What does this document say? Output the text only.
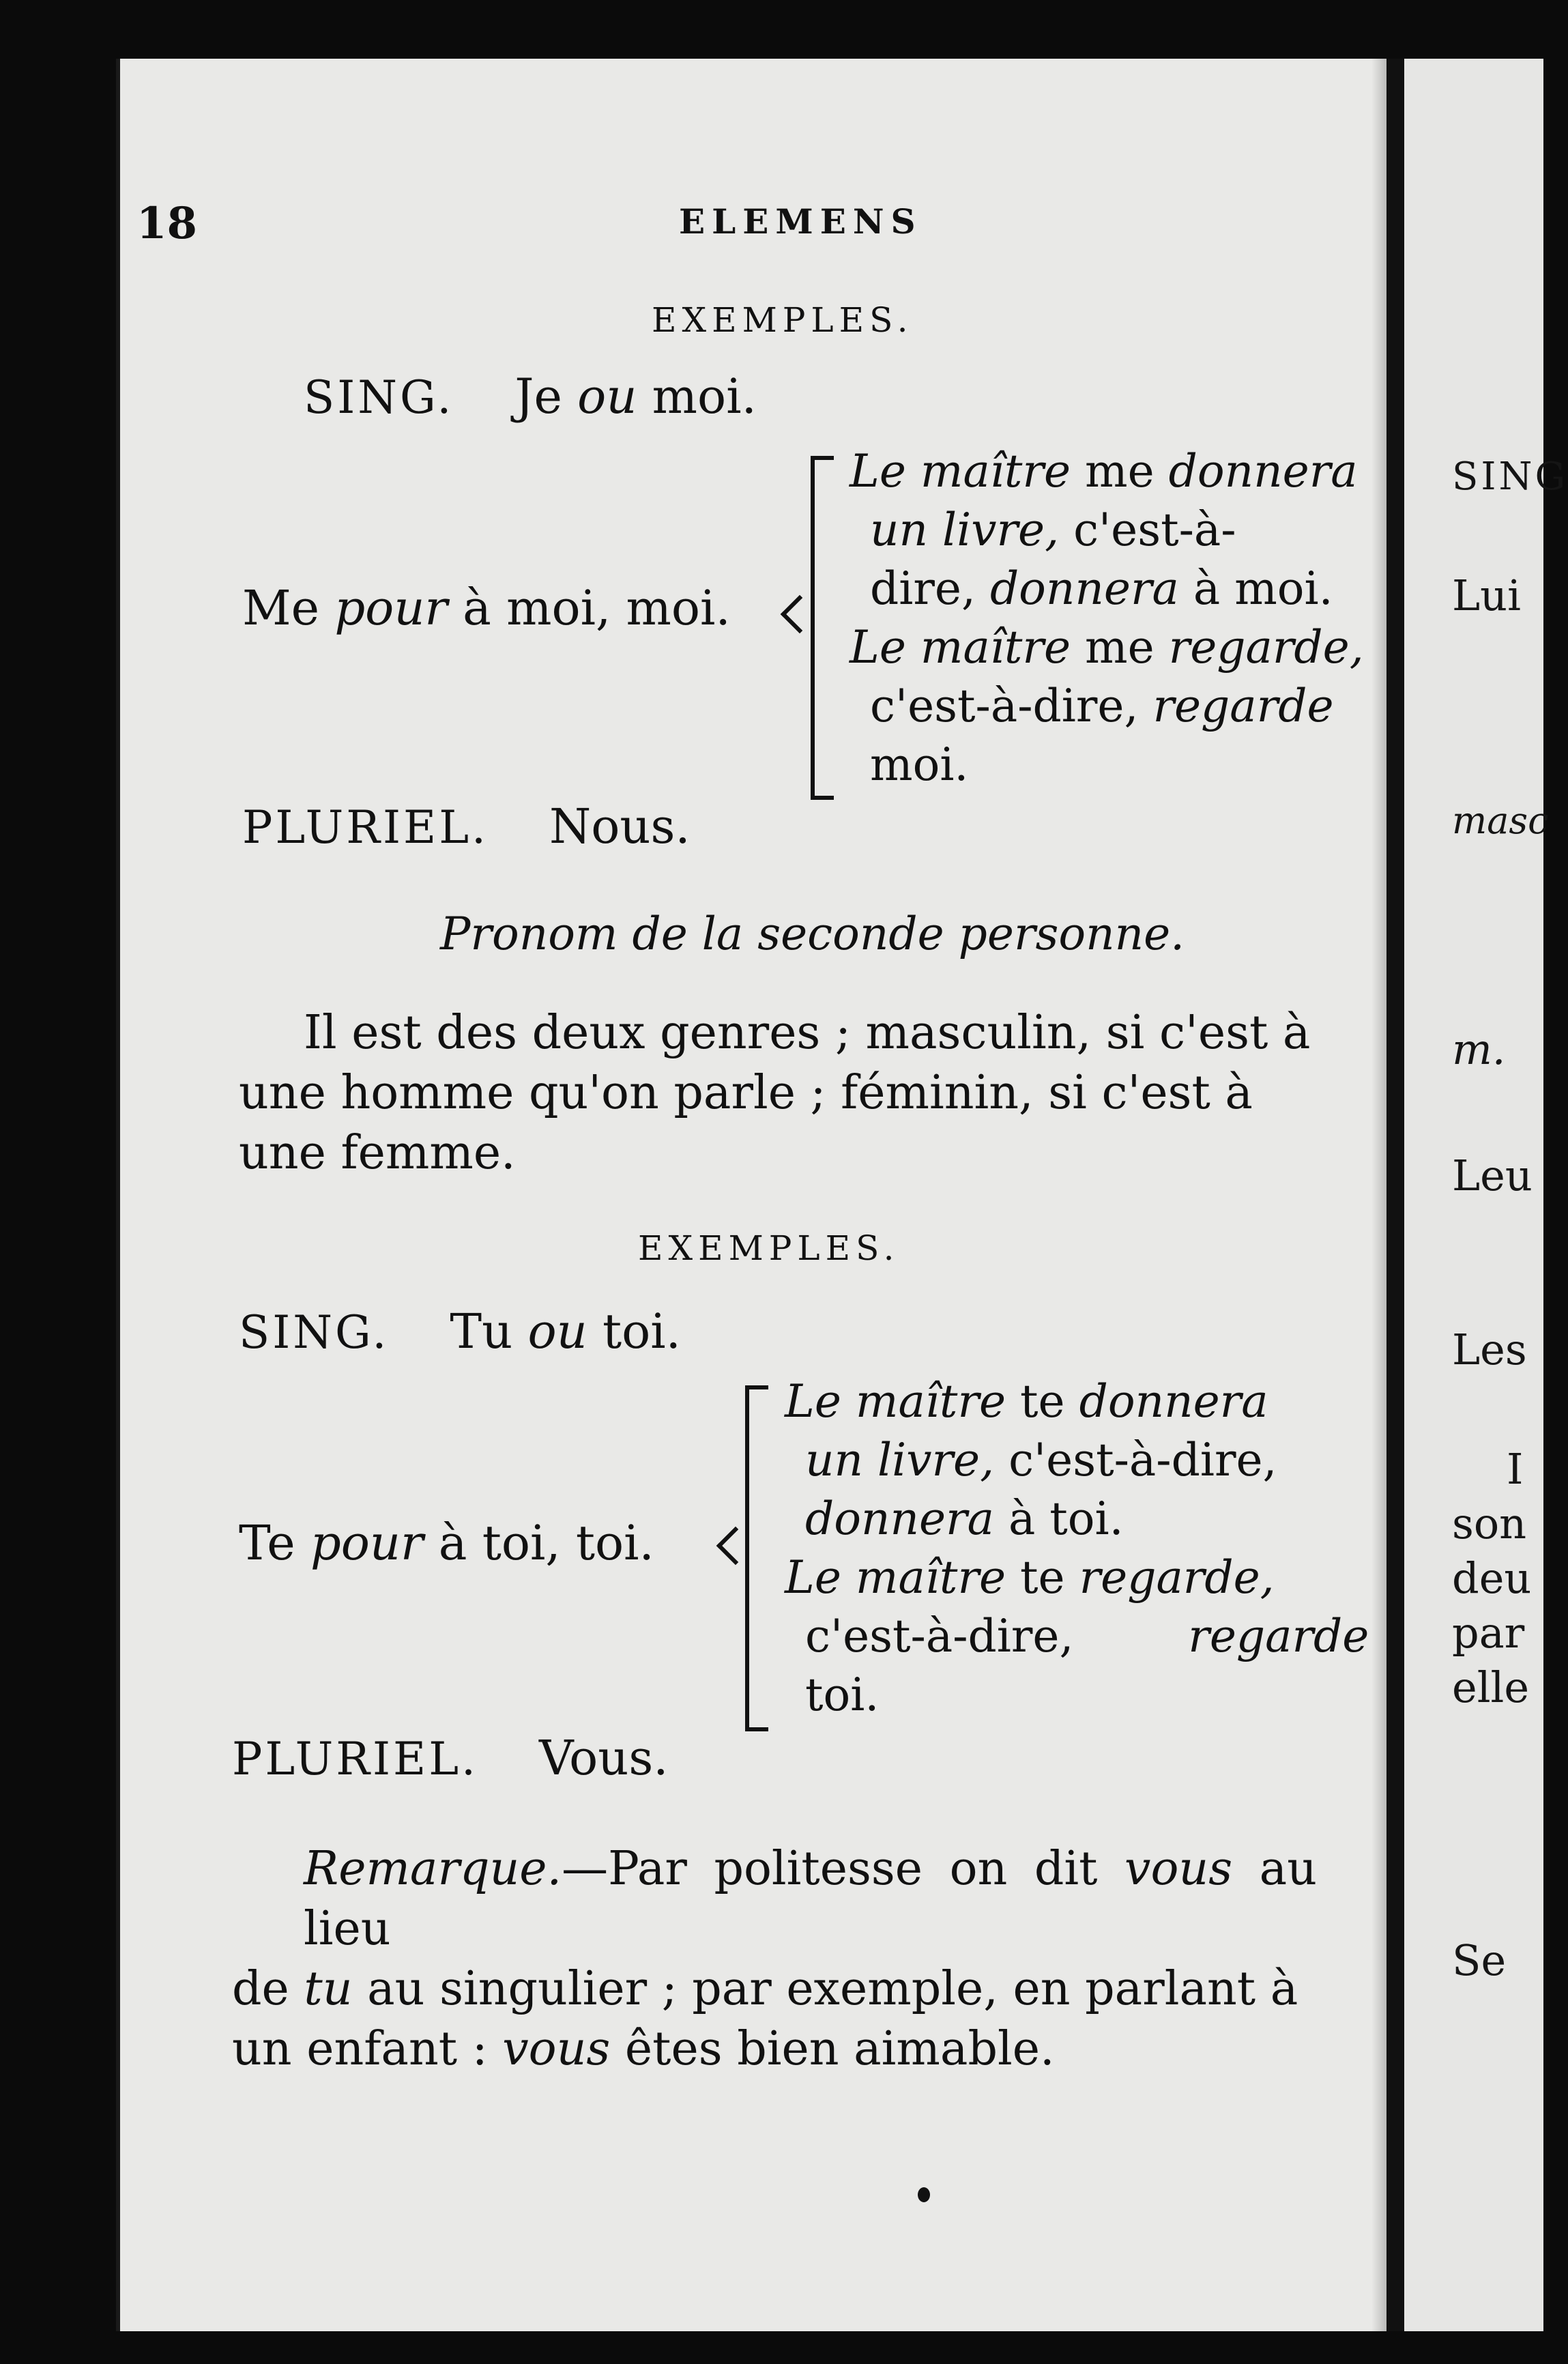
SING
Lui
masc
m.
Leu
Les
I
son
deu
par
elle
Se
18	ELEMENS
EXEMPLES.
SING. Je ou moi.
Me pour à moi, moi.
Le maître me donnera
un livre, c'est-à-
dire, donnera à moi.
Le maître me regarde,
c'est-à-dire, regarde
moi.
PLURIEL. Nous.
Pronom de la seconde personne.
Il est des deux genres ; masculin, si c'est à
une homme qu'on parle ; féminin, si c'est à
une femme.
EXEMPLES.
SING. Tu ou toi.
Te pour à toi, toi.
Le maître te donnera
un livre, c'est-à-dire,
donnera à toi.
Le maître te regarde,
c'est-à-dire,        regarde
toi.
PLURIEL. Vous.
Remarque.—Par politesse on dit vous au lieu
de tu au singulier ; par exemple, en parlant à
un enfant : vous êtes bien aimable.
